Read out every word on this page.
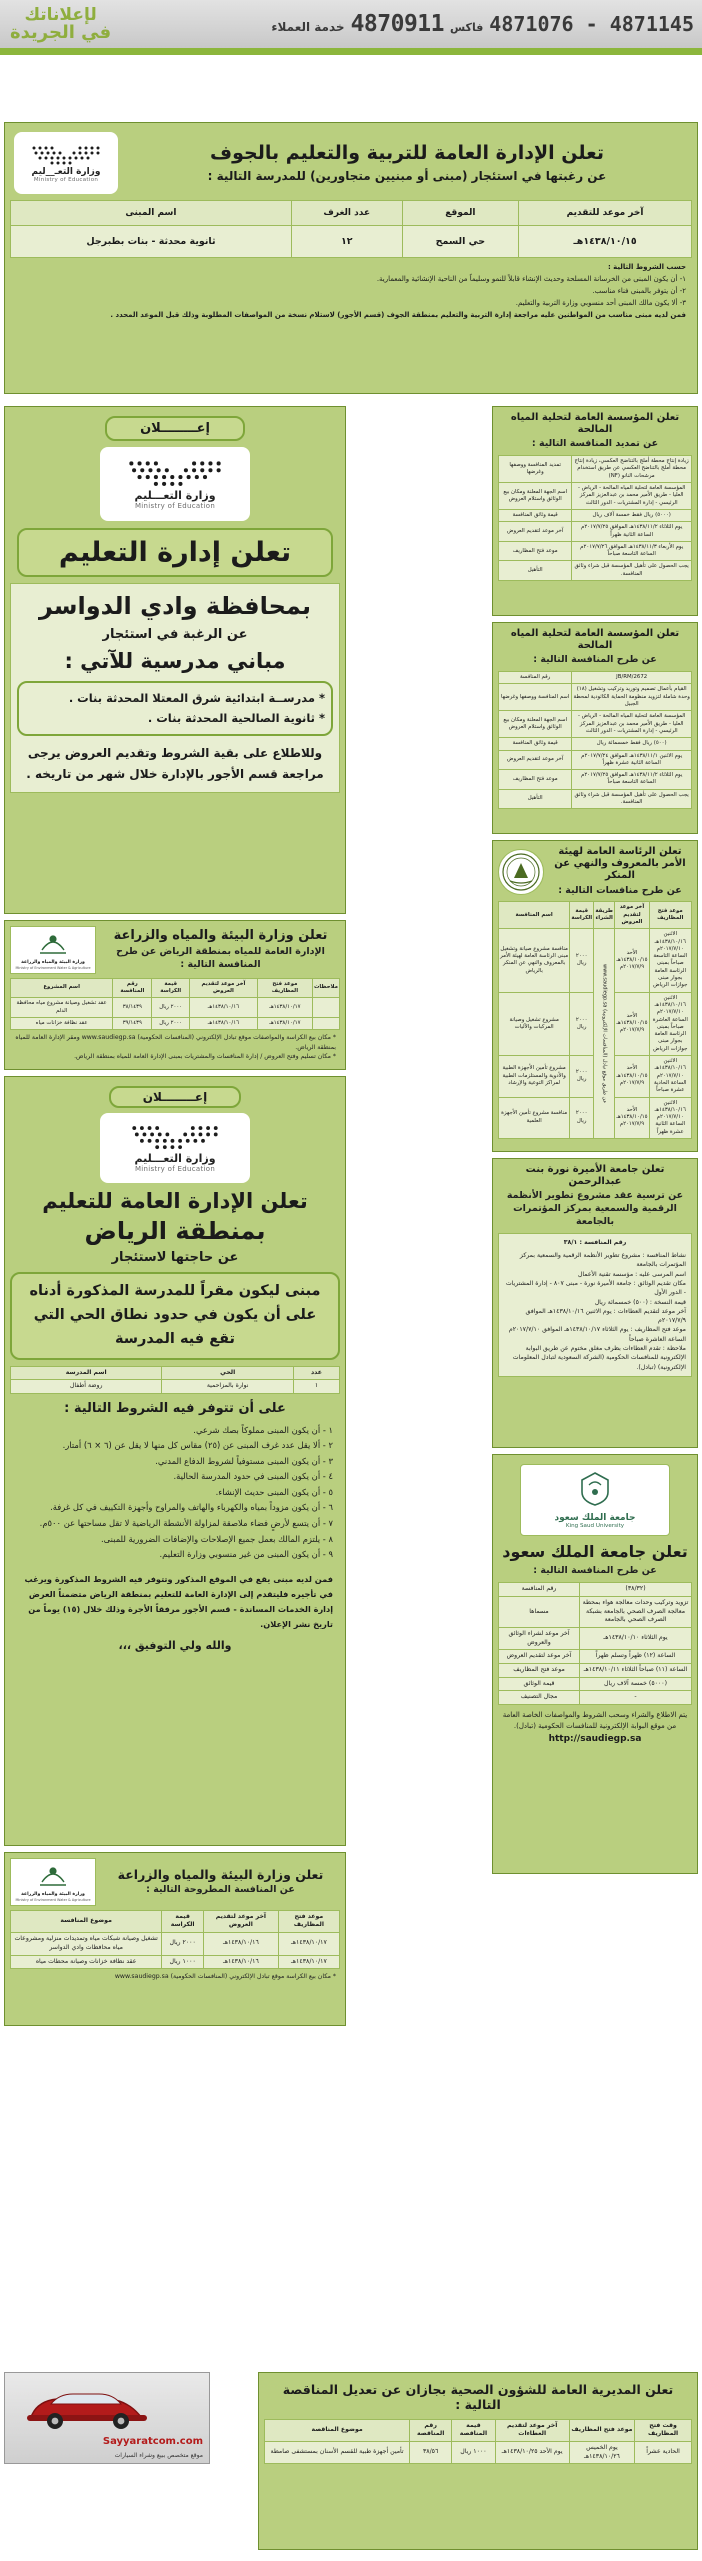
4871145 - 4871076
فاكس
4870911
خدمة العملاء
لإعلاناتك
في الجريدة
تعلن الإدارة العامة للتربية والتعليم بالجوف
عن رغبتها في استئجار (مبنى أو مبنيين متجاورين) للمدرسة التالية :
وزارة التعـ__ليم
Ministry of Education
آخر موعد للتقديم	الموقع	عدد الغرف	اسم المبنى
١٤٣٨/١٠/١٥هـ	حي السمح	١٢	ثانوية محدثة - بنات بطبرجل
حسب الشروط التالية :
١- أن يكون المبنى من الخرسانة المسلحة وحديث الإنشاء قابلاً للنمو وسليماً من الناحية الإنشائية والمعمارية.
٢- أن يتوفر بالمبنى فناء مناسب.
٣- ألا يكون مالك المبنى أحد منسوبي وزارة التربية والتعليم.
فمن لديه مبنى مناسب من المواطنين عليه مراجعة إدارة التربية والتعليم بمنطقة الجوف (قسم الأجور) لاستلام نسخة من المواصفات المطلوبة وذلك قبل الموعد المحدد .
تعلن المؤسسة العامة لتحلية المياه المالحة
عن تمديد المنافسة التالية :
زيادة إنتاج محطة أملج بالتناضح العكسي، زيادة إنتاج محطة أملج بالتناضح العكسي عن طريق استخدام مرشحات النانو (NF)	تمديد المنافسة ووصفها وغرضها
المؤسسة العامة لتحلية المياه المالحة - الرياض - العليا - طريق الأمير محمد بن عبدالعزيز المركز الرئيسي - إدارة المشتريات - الدور الثالث	اسم الجهة المعلنة ومكان بيع الوثائق واستلام العروض
(٥٠٠٠) ريال فقط خمسة آلاف ريال	قيمة وثائق المنافسة
يوم الثلاثاء ١٤٣٨/١١/٢هـ الموافق ٢٠١٧/٧/٢٥م الساعة الثانية ظهراً	آخر موعد لتقديم العروض
يوم الأربعاء ١٤٣٨/١١/٣هـ الموافق ٢٠١٧/٧/٢٦م الساعة التاسعة صباحاً	موعد فتح المظاريف
يجب الحصول على تأهيل المؤسسة قبل شراء وثائق المنافسة.	التأهيل
تعلن المؤسسة العامة لتحلية المياه المالحة
عن طرح المنافسة التالية :
JB/RM/2672	رقم المنافسة
القيام بأعمال تصميم وتوريد وتركيب وتشغيل (١٨) وحدة شاملة لتزويد منظومة الحماية الكاثودية لمحطة الجبيل	اسم المنافسة ووصفها وغرضها
المؤسسة العامة لتحلية المياه المالحة - الرياض - العليا - طريق الأمير محمد بن عبدالعزيز المركز الرئيسي - إدارة المشتريات - الدور الثالث	اسم الجهة المعلنة ومكان بيع الوثائق واستلام العروض
(٥٠٠) ريال فقط خمسمائة ريال	قيمة وثائق المنافسة
يوم الاثنين ١٤٣٨/١١/١هـ الموافق ٢٠١٧/٧/٢٤م الساعة الثانية عشرة ظهراً	آخر موعد لتقديم العروض
يوم الثلاثاء ١٤٣٨/١١/٢هـ الموافق ٢٠١٧/٧/٢٥م الساعة التاسعة صباحاً	موعد فتح المظاريف
يجب الحصول على تأهيل المؤسسة قبل شراء وثائق المنافسة.	التأهيل
إعــــــــلان
وزارة التعـــليم
Ministry of Education
تعلن إدارة التعليم
بمحافظة وادي الدواسر
عن الرغبة في استئجار
مباني مدرسية للآتي :
* مدرســة ابتدائية شرق المعتلا المحدثة بنات .
* ثانوية الصالحية المحدثة بنات .
وللاطلاع على بقية الشروط وتقديم العروض يرجى مراجعة قسم الأجور بالإدارة خلال شهر من تاريخه .
تعلن الرئاسة العامة لهيئة الأمر بالمعروف والنهي عن المنكر
عن طرح منافسات التالية :
موعد فتح المظاريف	آخر موعد لتقديم العروض	طريقة الشراء	قيمة الكراسة	اسم المنافسة
الاثنين ١٤٣٨/١٠/١٦هـ ٢٠١٧/٧/١٠م الساعة التاسعة صباحاً بمبنى الرئاسة العامة بجوار مبنى جوازات الرياض	الأحد ١٤٣٨/١٠/١٥هـ ٢٠١٧/٧/٩م	عن طريق موقع تبادل (المنافسات الإلكترونية) www.saudiegp.sa	٢٠٠٠ ريال	منافسة مشروع صيانة وتشغيل مبنى الرئاسة العامة لهيئة الأمر بالمعروف والنهي عن المنكر بالرياض
الاثنين ١٤٣٨/١٠/١٦هـ ٢٠١٧/٧/١٠م الساعة العاشرة صباحاً بمبنى الرئاسة العامة بجوار مبنى جوازات الرياض	الأحد ١٤٣٨/١٠/١٥هـ ٢٠١٧/٧/٩م		٢٠٠٠ ريال	مشروع تشغيل وصيانة المركبات والآليات
الاثنين ١٤٣٨/١٠/١٦هـ ٢٠١٧/٧/١٠م الساعة الحادية عشرة صباحاً	الأحد ١٤٣٨/١٠/١٥هـ ٢٠١٧/٧/٩م		٢٠٠٠ ريال	مشروع تأمين الأجهزة الطبية والأدوية والمستلزمات الطبية لمراكز التوعية والإرشاد
الاثنين ١٤٣٨/١٠/١٦هـ ٢٠١٧/٧/١٠م الساعة الثانية عشرة ظهراً	الأحد ١٤٣٨/١٠/١٥هـ ٢٠١٧/٧/٩م		٢٠٠٠ ريال	منافسة مشروع تأمين الأجهزة العلمية
تعلن وزارة البيئة والمياه والزراعة
الإدارة العامة للمياه بمنطقة الرياض عن طرح المنافسة التالية :
وزارة البيئة والمياه والزراعة
Ministry of Environment Water & Agriculture
ملاحظات	موعد فتح المظاريف	آخر موعد لتقديم العروض	قيمة الكراسة	رقم المنافسة	اسم المشروع
	١٤٣٨/١٠/١٧هـ	١٤٣٨/١٠/١٦هـ	٢٠٠٠ ريال	٣٨/١٤٣٩	عقد تشغيل وصيانة مشروع مياه محافظة الدلم
	١٤٣٨/١٠/١٧هـ	١٤٣٨/١٠/١٦هـ	٢٠٠٠ ريال	٣٩/١٤٣٩	عقد نظافة خزانات مياه
* مكان بيع الكراسة والمواصفات موقع تبادل الإلكتروني (المنافسات الحكومية) www.saudiegp.sa ومقر الإدارة العامة للمياه بمنطقة الرياض.
* مكان تسليم وفتح العروض / إدارة المنافسات والمشتريات بمبنى الإدارة العامة للمياه بمنطقة الرياض.
إعــــــــلان
وزارة التعـــليم
Ministry of Education
تعلن الإدارة العامة للتعليم
بمنطقة الرياض
عن حاجتها لاستئجار
مبنى ليكون مقراً للمدرسة المذكورة أدناه على أن يكون في حدود نطاق الحي التي تقع فيه المدرسة
عدد	الحي	اسم المدرسة
١	نوارة بالمزاحمية	روضة أطفال
على أن تتوفر فيه الشروط التالية :
١ - أن يكون المبنى مملوكاً بصك شرعي.
٢ - ألا يقل عدد غرف المبنى عن (٢٥) مقاس كل منها لا يقل عن (٦ × ٦) أمتار.
٣ - أن يكون المبنى مستوفياً لشروط الدفاع المدني.
٤ - أن يكون المبنى في حدود المدرسة الحالية.
٥ - أن يكون المبنى حديث الإنشاء.
٦ - أن يكون مزوداً بمياه والكهرباء والهاتف والمراوح وأجهزة التكييف في كل غرفة.
٧ - أن يتسع لأرضٍ فضاء ملاصقة لمزاولة الأنشطة الرياضية لا تقل مساحتها عن ٥٠٠م.
٨ - يلتزم المالك بعمل جميع الإصلاحات والإضافات الضرورية للمبنى.
٩ - أن يكون المبنى من غير منسوبي وزارة التعليم.
فمن لديه مبنى يقع في الموقع المذكور وتتوفر فيه الشروط المذكورة ويرغب في تأجيره فليتقدم إلى الإدارة العامة للتعليم بمنطقة الرياض متضمناً العرض إدارة الخدمات المساندة - قسم الأجور مرفقاً الأجرة وذلك خلال (١٥) يوماً من تاريخ نشر الإعلان.
والله ولي التوفيق ،،،
تعلن جامعة الأميرة نورة بنت عبدالرحمن
عن ترسية عقد مشروع تطوير الأنظمة الرقمية والسمعية بمركز المؤتمرات بالجامعة
رقم المنافسة : ٣٨/١
نشاط المنافسة : مشروع تطوير الأنظمة الرقمية والسمعية بمركز المؤتمرات بالجامعة
اسم المرسى عليه : مؤسسة تقنية الأعمال
مكان تقديم الوثائق : جامعة الأميرة نورة - مبنى ٨٠٧ - إدارة المشتريات - الدور الأول
قيمة النسخة : (٥٠٠) خمسمائة ريال
آخر موعد لتقديم العطاءات : يوم الاثنين ١٤٣٨/١٠/١٦هـ الموافق ٢٠١٧/٧/٩م
موعد فتح المظاريف : يوم الثلاثاء ١٤٣٨/١٠/١٧هـ الموافق ٢٠١٧/٧/١٠م الساعة العاشرة صباحاً
ملاحظة : تقدم العطاءات بظرف مغلق مختوم عن طريق البوابة الإلكترونية للمنافسات الحكومية (الشركة السعودية لتبادل المعلومات الإلكترونية) (تبادل).
جامعة الملك سعود
King Saud University
تعلن جامعة الملك سعود
عن طرح المنافسة التالية :
(٣٨/٣٢)	رقم المنافسة
تزويد وتركيب وحدات معالجة هواء بمحطة معالجة الصرف الصحي بالجامعة بشبكة الصرف الصحي بالجامعة	مسماها
يوم الثلاثاء ١٤٣٨/١٠/١٠هـ	آخر موعد لشراء الوثائق والعروض
الساعة (١٢) ظهراً وتسلم ظهراً	آخر موعد لتقديم العروض
الساعة (١١) صباحاً الثلاثاء ١٤٣٨/١٠/١١هـ	موعد فتح المظاريف
(٥٠٠٠) خمسة آلاف ريال	قيمة الوثائق
-	مجال التصنيف
يتم الاطلاع والشراء وسحب الشروط والمواصفات الخاصة العامة من موقع البوابة الإلكترونية للمنافسات الحكومية (تبادل).
http://saudiegp.sa
تعلن وزارة البيئة والمياه والزراعة
عن المنافسة المطروحة التالية :
وزارة البيئة والمياه والزراعة
Ministry of Environment Water & Agriculture
موعد فتح المظاريف	آخر موعد لتقديم العروض	قيمة الكراسة	موضوع المنافسة
١٤٣٨/١٠/١٧هـ	١٤٣٨/١٠/١٦هـ	٢٠٠٠ ريال	تشغيل وصيانة شبكات مياه وتمديدات منزلية ومشروعات مياه محافظات وادي الدواسر
١٤٣٨/١٠/١٧هـ	١٤٣٨/١٠/١٦هـ	١٠٠٠ ريال	عقد نظافة خزانات وصيانة محطات مياه
* مكان بيع الكراسة موقع تبادل الإلكتروني (المنافسات الحكومية) www.saudiegp.sa
تعلن المديرية العامة للشؤون الصحية بجازان عن تعديل المناقصة التالية :
وقت فتح المظاريف	موعد فتح المظاريف	آخر موعد لتقديم العطاءات	قيمة المناقصة	رقم المناقصة	موضوع المناقصة
الحادية عشراً	يوم الخميس ١٤٣٨/١٠/٢٦هـ	يوم الأحد ١٤٣٨/١٠/٢٥هـ	١٠٠٠ ريال	٣٨/٥٦	تأمين أجهزة طبية للقسم الأسنان بمستشفى صامطة
Sayyaratcom.com
موقع متخصص ببيع وشراء السيارات
